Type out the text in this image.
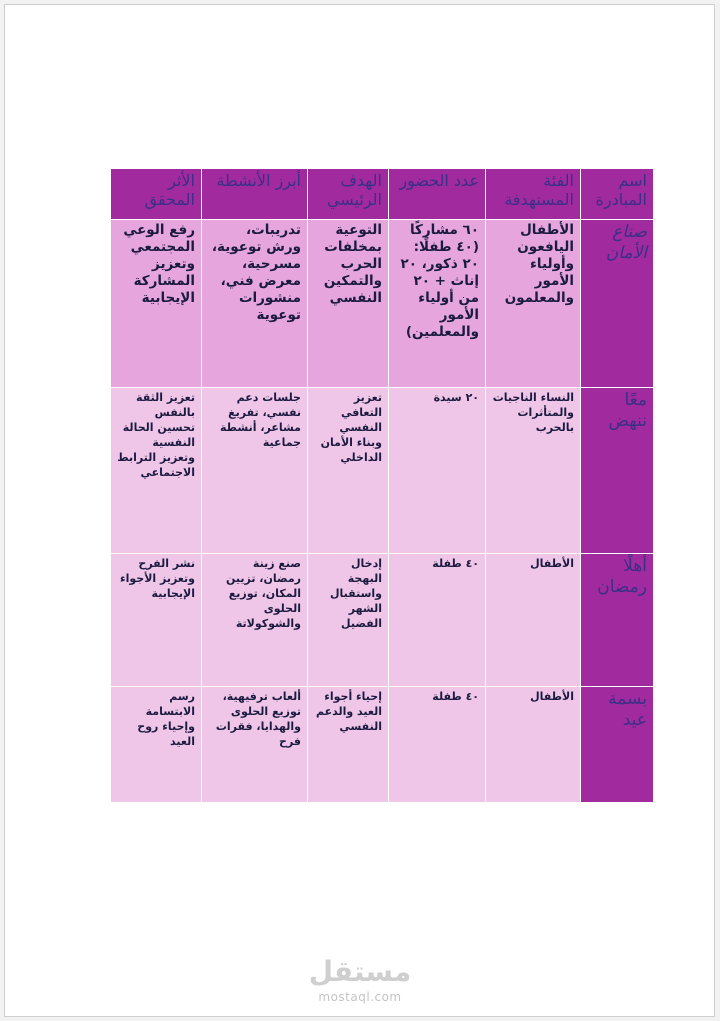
اسم المبادرة	الفئة المستهدفة	عدد الحضور	الهدف الرئيسي	أبرز الأنشطة	الأثر المحقق
صناع الأمان	الأطفال اليافعون وأولياء الأمور والمعلمون	٦٠ مشاركًا (٤٠ طفلًا: ٢٠ ذكور، ٢٠ إناث + ٢٠ من أولياء الأمور والمعلمين)	التوعية بمخلفات الحرب والتمكين النفسي	تدريبات، ورش توعوية، مسرحية، معرض فني، منشورات توعوية	رفع الوعي المجتمعي وتعزيز المشاركة الإيجابية
معًا ننهض	النساء الناجيات والمتأثرات بالحرب	٢٠ سيدة	تعزيز التعافي النفسي وبناء الأمان الداخلي	جلسات دعم نفسي، تفريغ مشاعر، أنشطة جماعية	تعزيز الثقة بالنفس تحسين الحالة النفسية وتعزيز الترابط الاجتماعي
أهلًا رمضان	الأطفال	٤٠ طفلة	إدخال البهجة واستقبال الشهر الفضيل	صنع زينة رمضان، تزيين المكان، توزيع الحلوى والشوكولاتة	نشر الفرح وتعزيز الأجواء الإيجابية
بسمة عيد	الأطفال	٤٠ طفلة	إحياء أجواء العيد والدعم النفسي	ألعاب ترفيهية، توزيع الحلوى والهدايا، فقرات فرح	رسم الابتسامة وإحياء روح العيد
مستقل
mostaql.com
